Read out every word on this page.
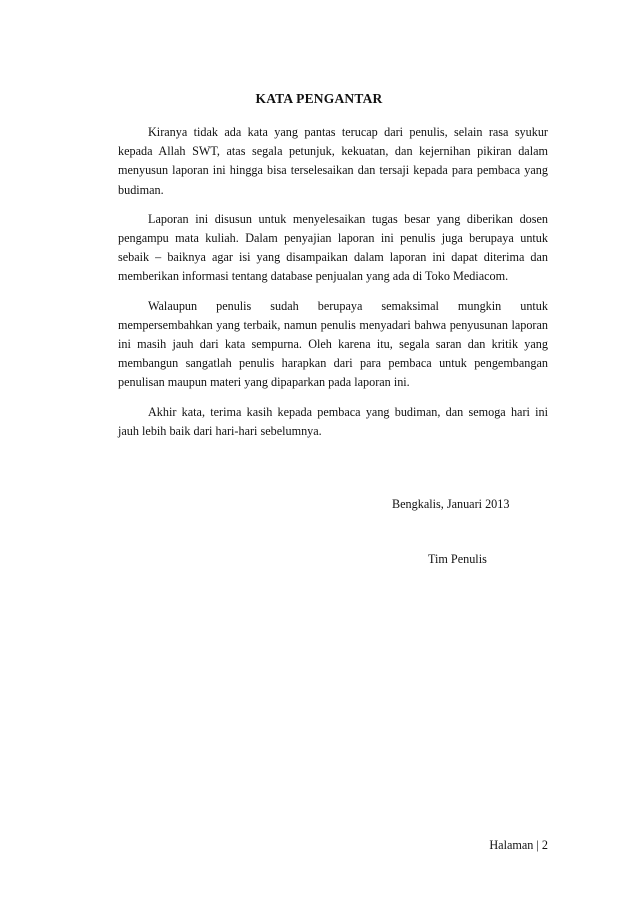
KATA PENGANTAR

Kiranya tidak ada kata yang pantas terucap dari penulis, selain rasa syukur kepada Allah SWT, atas segala petunjuk, kekuatan, dan kejernihan pikiran dalam menyusun laporan ini hingga bisa terselesaikan dan tersaji kepada para pembaca yang budiman.

Laporan ini disusun untuk menyelesaikan tugas besar yang diberikan dosen pengampu mata kuliah. Dalam penyajian laporan ini penulis juga berupaya untuk sebaik – baiknya agar isi yang disampaikan dalam laporan ini dapat diterima dan memberikan informasi tentang database penjualan yang ada di Toko Mediacom.

Walaupun penulis sudah berupaya semaksimal mungkin untuk mempersembahkan yang terbaik, namun penulis menyadari bahwa penyusunan laporan ini masih jauh dari kata sempurna. Oleh karena itu, segala saran dan kritik yang membangun sangatlah penulis harapkan dari para pembaca untuk pengembangan penulisan maupun materi yang dipaparkan pada laporan ini.

Akhir kata, terima kasih kepada pembaca yang budiman, dan semoga hari ini jauh lebih baik dari hari-hari sebelumnya.

Bengkalis, Januari 2013

Tim Penulis

Halaman | 2
